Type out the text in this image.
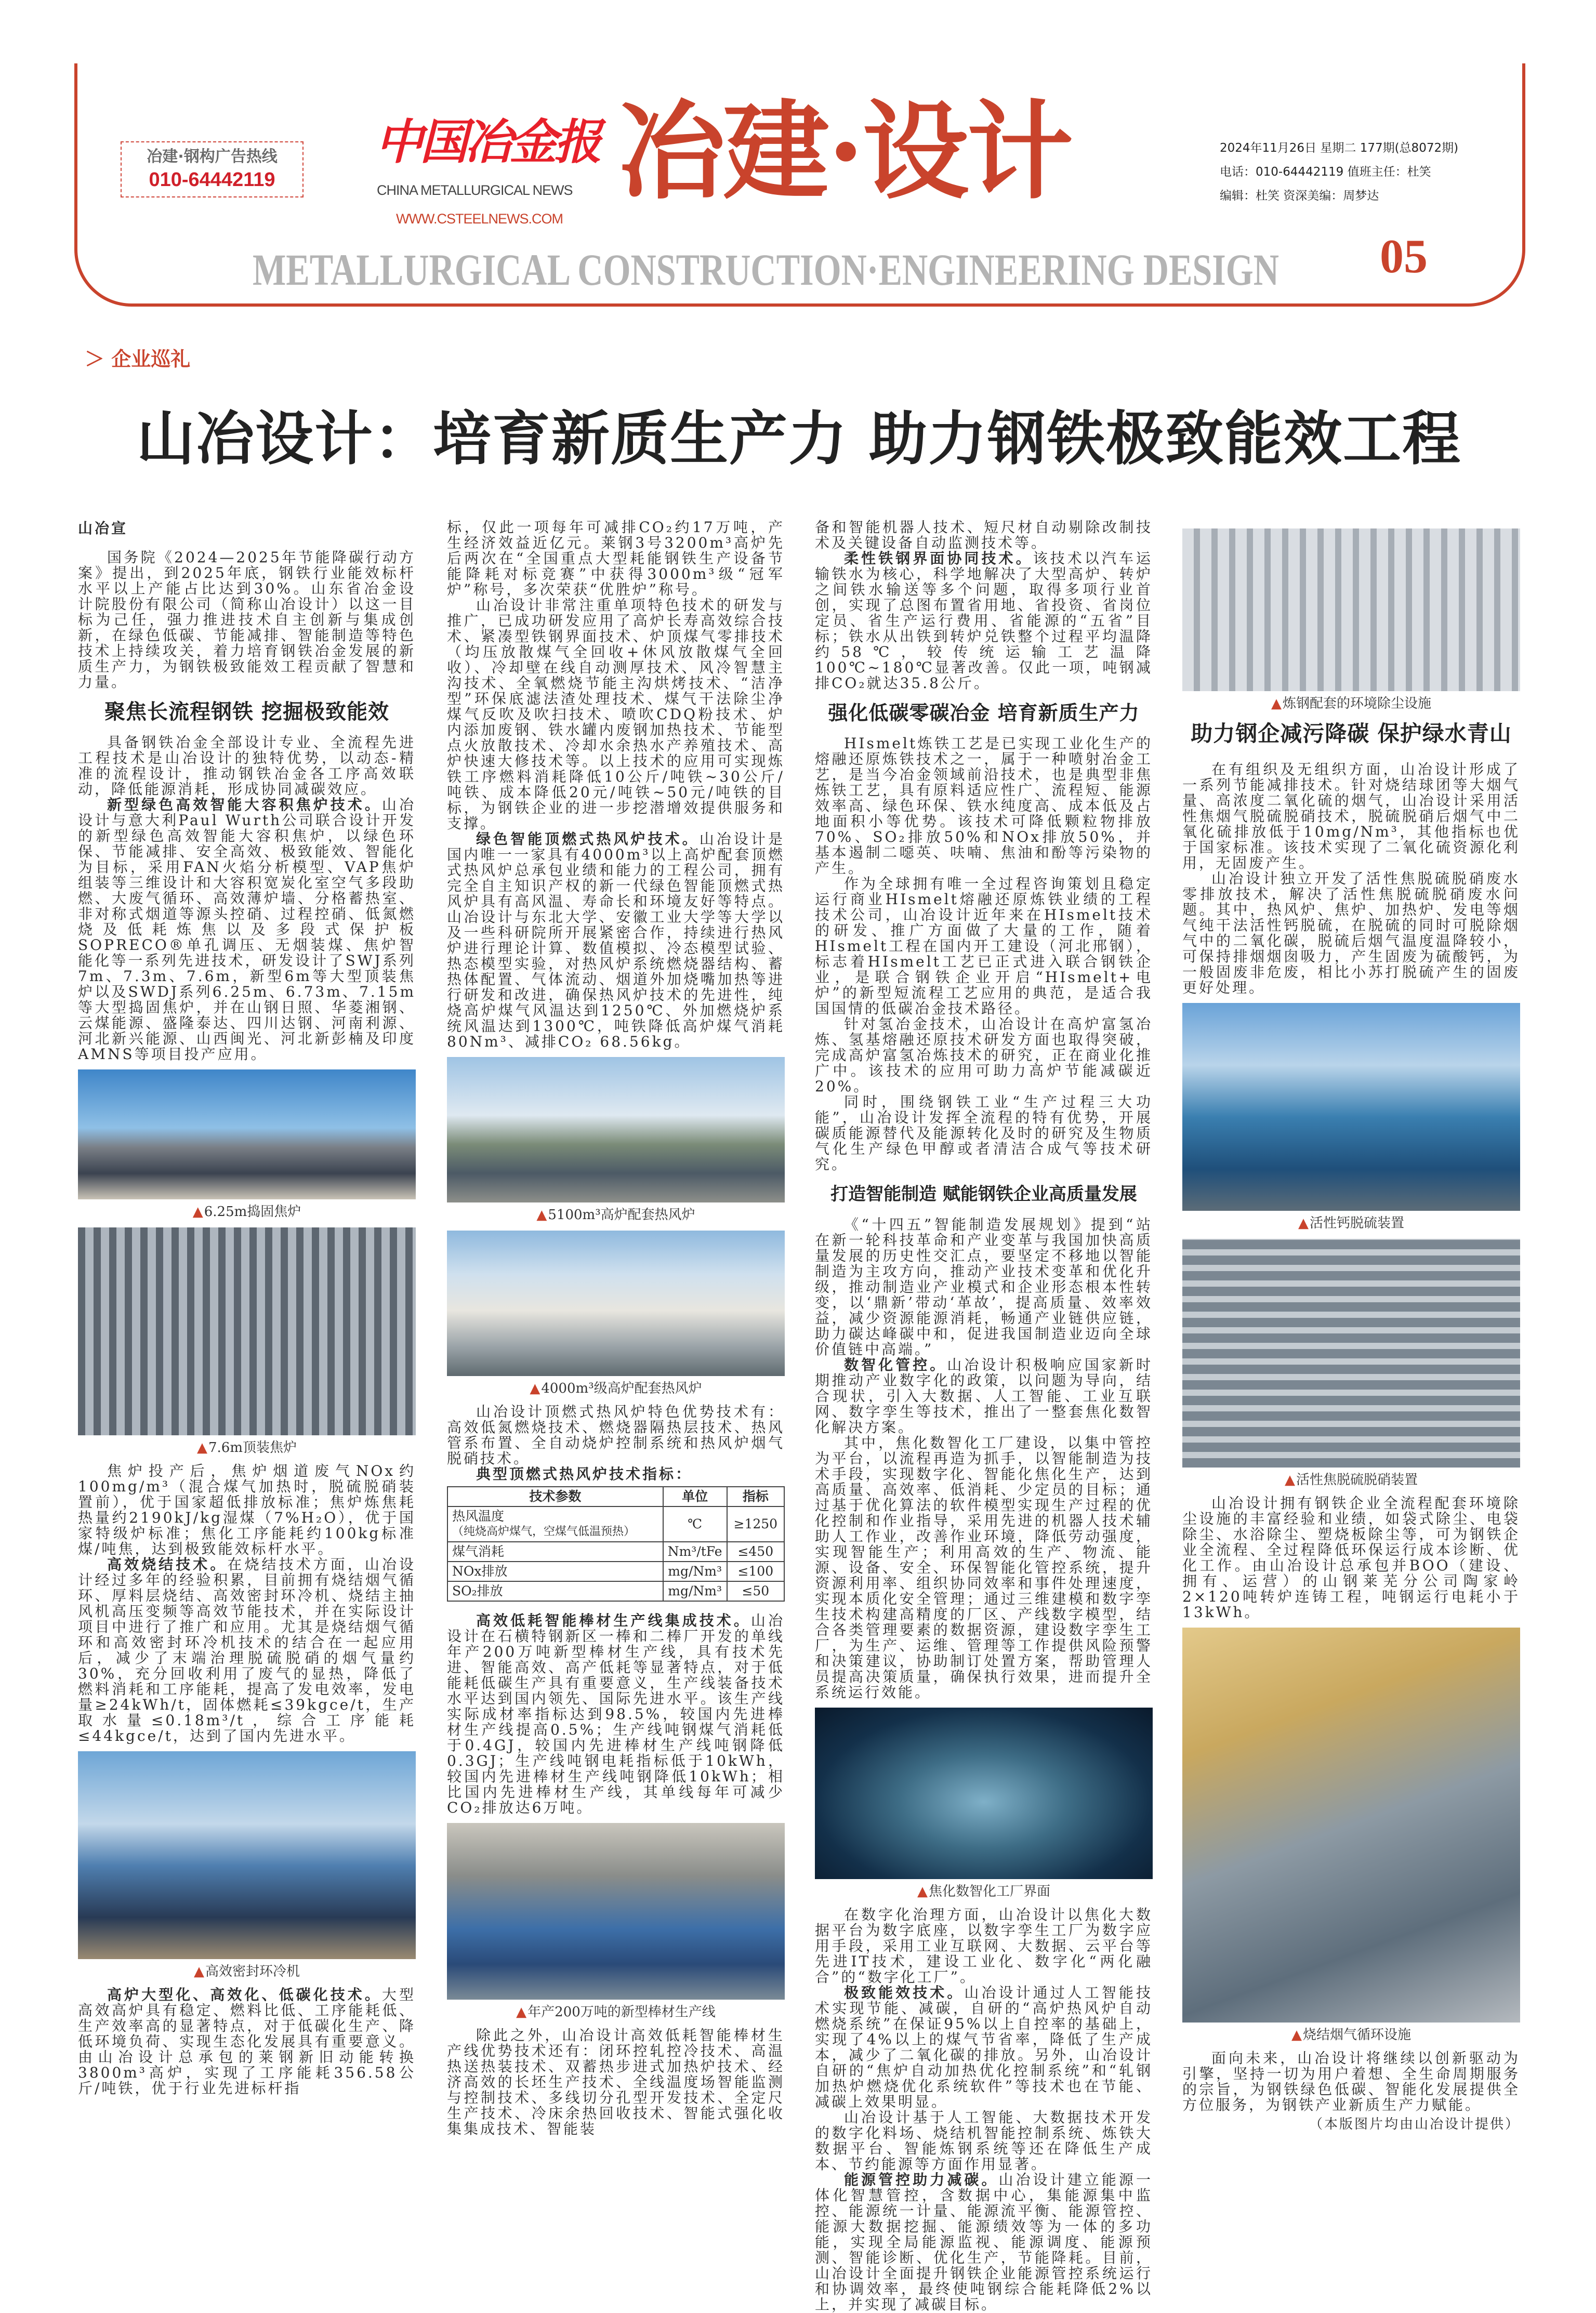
冶建·钢构广告热线
010-64442119
中国冶金报
CHINA METALLURGICAL NEWS
WWW.CSTEELNEWS.COM
冶建·设计	2024年11月26日 星期二 177期(总8072期)
电话：010-64442119 值班主任：杜笑
编辑：杜笑 资深美编：周梦达
METALLURGICAL CONSTRUCTION·ENGINEERING DESIGN 05
＞ 企业巡礼
山冶设计：培育新质生产力 助力钢铁极致能效工程

山冶宣

国务院《2024—2025年节能降碳行动方案》提出，到2025年底，钢铁行业能效标杆水平以上产能占比达到30%。山东省冶金设计院股份有限公司（简称山冶设计）以这一目标为己任，强力推进技术自主创新与集成创新，在绿色低碳、节能减排、智能制造等特色技术上持续攻关，着力培育钢铁冶金发展的新质生产力，为钢铁极致能效工程贡献了智慧和力量。

聚焦长流程钢铁 挖掘极致能效

具备钢铁冶金全部设计专业、全流程先进工程技术是山冶设计的独特优势，以动态-精准的流程设计，推动钢铁冶金各工序高效联动，降低能源消耗，形成协同减碳效应。

新型绿色高效智能大容积焦炉技术。山冶设计与意大利Paul Wurth公司联合设计开发的新型绿色高效智能大容积焦炉，以绿色环保、节能减排、安全高效、极致能效、智能化为目标，采用FAN火焰分析模型、VAP焦炉组装等三维设计和大容积宽炭化室空气多段助燃、大废气循环、高效薄炉墙、分格蓄热室、非对称式烟道等源头控硝、过程控硝、低氮燃烧及低耗炼焦以及多段式保护板SOPRECO®单孔调压、无烟装煤、焦炉智能化等一系列先进技术，研发设计了SWJ系列7m、7.3m、7.6m，新型6m等大型顶装焦炉以及SWDJ系列6.25m、6.73m、7.15m等大型捣固焦炉，并在山钢日照、华菱湘钢、云煤能源、盛隆泰达、四川达钢、河南利源、河北新兴能源、山西闽光、河北新彭楠及印度AMNS等项目投产应用。

▲6.25m捣固焦炉
▲7.6m顶装焦炉

焦炉投产后，焦炉烟道废气NOx约100mg/m³（混合煤气加热时，脱硫脱硝装置前），优于国家超低排放标准；焦炉炼焦耗热量约2190kJ/kg湿煤（7%H₂O），优于国家特级炉标准；焦化工序能耗约100kg标准煤/吨焦，达到极致能效标杆水平。

高效烧结技术。在烧结技术方面，山冶设计经过多年的经验积累，目前拥有烧结烟气循环、厚料层烧结、高效密封环冷机、烧结主抽风机高压变频等高效节能技术，并在实际设计项目中进行了推广和应用。尤其是烧结烟气循环和高效密封环冷机技术的结合在一起应用后，减少了末端治理脱硫脱硝的烟气量约30%，充分回收利用了废气的显热，降低了燃料消耗和工序能耗，提高了发电效率，发电量≥24kWh/t，固体燃耗≤39kgce/t，生产取水量≤0.18m³/t，综合工序能耗≤44kgce/t，达到了国内先进水平。

▲高效密封环冷机

高炉大型化、高效化、低碳化技术。大型高效高炉具有稳定、燃料比低、工序能耗低、生产效率高的显著特点，对于低碳化生产、降低环境负荷、实现生态化发展具有重要意义。由山冶设计总承包的莱钢新旧动能转换3800m³高炉，实现了工序能耗356.58公斤/吨铁，优于行业先进标杆指

标，仅此一项每年可减排CO₂约17万吨，产生经济效益近亿元。莱钢3号3200m³高炉先后两次在“全国重点大型耗能钢铁生产设备节能降耗对标竞赛”中获得3000m³级“冠军炉”称号，多次荣获“优胜炉”称号。

山冶设计非常注重单项特色技术的研发与推广，已成功研发应用了高炉长寿高效综合技术、紧凑型铁钢界面技术、炉顶煤气零排技术（均压放散煤气全回收+休风放散煤气全回收）、冷却壁在线自动测厚技术、风冷智慧主沟技术、全氧燃烧节能主沟烘烤技术、“洁净型”环保底滤法渣处理技术、煤气干法除尘净煤气反吹及吹扫技术、喷吹CDQ粉技术、炉内添加废钢、铁水罐内废钢加热技术、节能型点火放散技术、冷却水余热水产养殖技术、高炉快速大修技术等。以上技术的应用可实现炼铁工序燃料消耗降低10公斤/吨铁~30公斤/吨铁、成本降低20元/吨铁~50元/吨铁的目标，为钢铁企业的进一步挖潜增效提供服务和支撑。

绿色智能顶燃式热风炉技术。山冶设计是国内唯一一家具有4000m³以上高炉配套顶燃式热风炉总承包业绩和能力的工程公司，拥有完全自主知识产权的新一代绿色智能顶燃式热风炉具有高风温、寿命长和环境友好等特点。山冶设计与东北大学、安徽工业大学等大学以及一些科研院所开展紧密合作，持续进行热风炉进行理论计算、数值模拟、冷态模型试验、热态模型实验，对热风炉系统燃烧器结构、蓄热体配置、气体流动、烟道外加烧嘴加热等进行研发和改进，确保热风炉技术的先进性，纯烧高炉煤气风温达到1250℃、外加燃烧炉系统风温达到1300℃，吨铁降低高炉煤气消耗80Nm³、减排CO₂ 68.56kg。

▲5100m³高炉配套热风炉
▲4000m³级高炉配套热风炉

山冶设计顶燃式热风炉特色优势技术有：高效低氮燃烧技术、燃烧器隔热层技术、热风管系布置、全自动烧炉控制系统和热风炉烟气脱硝技术。

典型顶燃式热风炉技术指标：

技术参数	单位	指标

热风温度
（纯烧高炉煤气，空煤气低温预热）	℃	≥1250
煤气消耗	Nm³/tFe	≤450
NOx排放	mg/Nm³	≤100
SO₂排放	mg/Nm³	≤50

高效低耗智能棒材生产线集成技术。山冶设计在石横特钢新区一棒和二棒厂开发的单线年产200万吨新型棒材生产线，具有技术先进、智能高效、高产低耗等显著特点，对于低能耗低碳生产具有重要意义，生产线装备技术水平达到国内领先、国际先进水平。该生产线实际成材率指标达到98.5%，较国内先进棒材生产线提高0.5%；生产线吨钢煤气消耗低于0.4GJ，较国内先进棒材生产线吨钢降低0.3GJ；生产线吨钢电耗指标低于10kWh，较国内先进棒材生产线吨钢降低10kWh；相比国内先进棒材生产线，其单线每年可减少CO₂排放达6万吨。

▲年产200万吨的新型棒材生产线

除此之外，山冶设计高效低耗智能棒材生产线优势技术还有：闭环控轧控冷技术、高温热送热装技术、双蓄热步进式加热炉技术、经济高效的长坯生产技术、全线温度场智能监测与控制技术、多线切分孔型开发技术、全定尺生产技术、冷床余热回收技术、智能式强化收集集成技术、智能装

备和智能机器人技术、短尺材自动剔除改制技术及关键设备自动监测技术等。

柔性铁钢界面协同技术。该技术以汽车运输铁水为核心，科学地解决了大型高炉、转炉之间铁水输送等多个问题，取得多项行业首创，实现了总图布置省用地、省投资、省岗位定员、省生产运行费用、省能源的“五省”目标；铁水从出铁到转炉兑铁整个过程平均温降约58℃，较传统运输工艺温降100℃~180℃显著改善。仅此一项，吨钢减排CO₂就达35.8公斤。

强化低碳零碳冶金 培育新质生产力

HIsmelt炼铁工艺是已实现工业化生产的熔融还原炼铁技术之一，属于一种喷射冶金工艺，是当今冶金领域前沿技术，也是典型非焦炼铁工艺，具有原料适应性广、流程短、能源效率高、绿色环保、铁水纯度高、成本低及占地面积小等优势。该技术可降低颗粒物排放70%、SO₂排放50%和NOx排放50%，并基本遏制二噁英、呋喃、焦油和酚等污染物的产生。

作为全球拥有唯一全过程咨询策划且稳定运行商业HIsmelt熔融还原炼铁业绩的工程技术公司，山冶设计近年来在HIsmelt技术的研发、推广方面做了大量的工作，随着HIsmelt工程在国内开工建设（河北邢钢），标志着HIsmelt工艺已正式进入联合钢铁企业，是联合钢铁企业开启“HIsmelt+电炉”的新型短流程工艺应用的典范，是适合我国国情的低碳冶金技术路径。

针对氢冶金技术，山冶设计在高炉富氢冶炼、氢基熔融还原技术研发方面也取得突破，完成高炉富氢冶炼技术的研究，正在商业化推广中。该技术的应用可助力高炉节能减碳近20%。

同时，围绕钢铁工业“生产过程三大功能”，山冶设计发挥全流程的特有优势，开展碳质能源替代及能源转化及时的研究及生物质气化生产绿色甲醇或者清洁合成气等技术研究。

打造智能制造 赋能钢铁企业高质量发展

《“十四五”智能制造发展规划》提到“站在新一轮科技革命和产业变革与我国加快高质量发展的历史性交汇点，要坚定不移地以智能制造为主攻方向，推动产业技术变革和优化升级，推动制造业产业模式和企业形态根本性转变，以‘鼎新’带动‘革故’，提高质量、效率效益，减少资源能源消耗，畅通产业链供应链，助力碳达峰碳中和，促进我国制造业迈向全球价值链中高端。”

数智化管控。山冶设计积极响应国家新时期推动产业数字化的政策，以问题为导向，结合现状，引入大数据、人工智能、工业互联网、数字孪生等技术，推出了一整套焦化数智化解决方案。

其中，焦化数智化工厂建设，以集中管控为平台，以流程再造为抓手，以智能制造为技术手段，实现数字化、智能化焦化生产，达到高质量、高效率、低消耗、少定员的目标；通过基于优化算法的软件模型实现生产过程的优化控制和作业指导，采用先进的机器人技术辅助人工作业，改善作业环境，降低劳动强度，实现智能生产；利用高效的生产、物流、能源、设备、安全、环保智能化管控系统，提升资源利用率、组织协同效率和事件处理速度，实现本质化安全管理；通过三维建模和数字孪生技术构建高精度的厂区、产线数字模型，结合各类管理要素的数据资源，建设数字孪生工厂，为生产、运维、管理等工作提供风险预警和决策建议，协助制订处置方案，帮助管理人员提高决策质量，确保执行效果，进而提升全系统运行效能。

▲焦化数智化工厂界面

在数字化治理方面，山冶设计以焦化大数据平台为数字底座，以数字孪生工厂为数字应用手段，采用工业互联网、大数据、云平台等先进IT技术，建设工业化、数字化“两化融合”的“数字化工厂”。

极致能效技术。山冶设计通过人工智能技术实现节能、减碳，自研的“高炉热风炉自动燃烧系统”在保证95%以上自控率的基础上，实现了4%以上的煤气节省率，降低了生产成本，减少了二氧化碳的排放。另外，山冶设计自研的“焦炉自动加热优化控制系统”和“轧钢加热炉燃烧优化系统软件”等技术也在节能、减碳上效果明显。

山冶设计基于人工智能、大数据技术开发的数字化料场、烧结机智能控制系统、炼铁大数据平台、智能炼钢系统等还在降低生产成本、节约能源等方面作用显著。

能源管控助力减碳。山冶设计建立能源一体化智慧管控，含数据中心，集能源集中监控、能源统一计量、能源流平衡、能源管控、能源大数据挖掘、能源绩效等为一体的多功能，实现全局能源监视、能源调度、能源预测、智能诊断、优化生产，节能降耗。目前，山冶设计全面提升钢铁企业能源管控系统运行和协调效率，最终使吨钢综合能耗降低2%以上，并实现了减碳目标。

▲炼钢配套的环境除尘设施
助力钢企减污降碳 保护绿水青山

在有组织及无组织方面，山冶设计形成了一系列节能减排技术。针对烧结球团等大烟气量、高浓度二氧化硫的烟气，山冶设计采用活性焦烟气脱硫脱硝技术，脱硫脱硝后烟气中二氧化硫排放低于10mg/Nm³，其他指标也优于国家标准。该技术实现了二氧化硫资源化利用，无固废产生。

山冶设计独立开发了活性焦脱硫脱硝废水零排放技术，解决了活性焦脱硫脱硝废水问题。其中，热风炉、焦炉、加热炉、发电等烟气纯干法活性钙脱硫，在脱硫的同时可脱除烟气中的二氧化碳，脱硫后烟气温度温降较小，可保持排烟烟囱吸力，产生固废为硫酸钙，为一般固废非危废，相比小苏打脱硫产生的固废更好处理。

▲活性钙脱硫装置
▲活性焦脱硫脱硝装置

山冶设计拥有钢铁企业全流程配套环境除尘设施的丰富经验和业绩，如袋式除尘、电袋除尘、水浴除尘、塑烧板除尘等，可为钢铁企业全流程、全过程降低环保运行成本诊断、优化工作。由山冶设计总承包并BOO（建设、拥有、运营）的山钢莱芜分公司陶家岭2×120吨转炉连铸工程，吨钢运行电耗小于13kWh。

▲烧结烟气循环设施

面向未来，山冶设计将继续以创新驱动为引擎，坚持一切为用户着想、全生命周期服务的宗旨，为钢铁绿色低碳、智能化发展提供全方位服务，为钢铁产业新质生产力赋能。

（本版图片均由山冶设计提供）
